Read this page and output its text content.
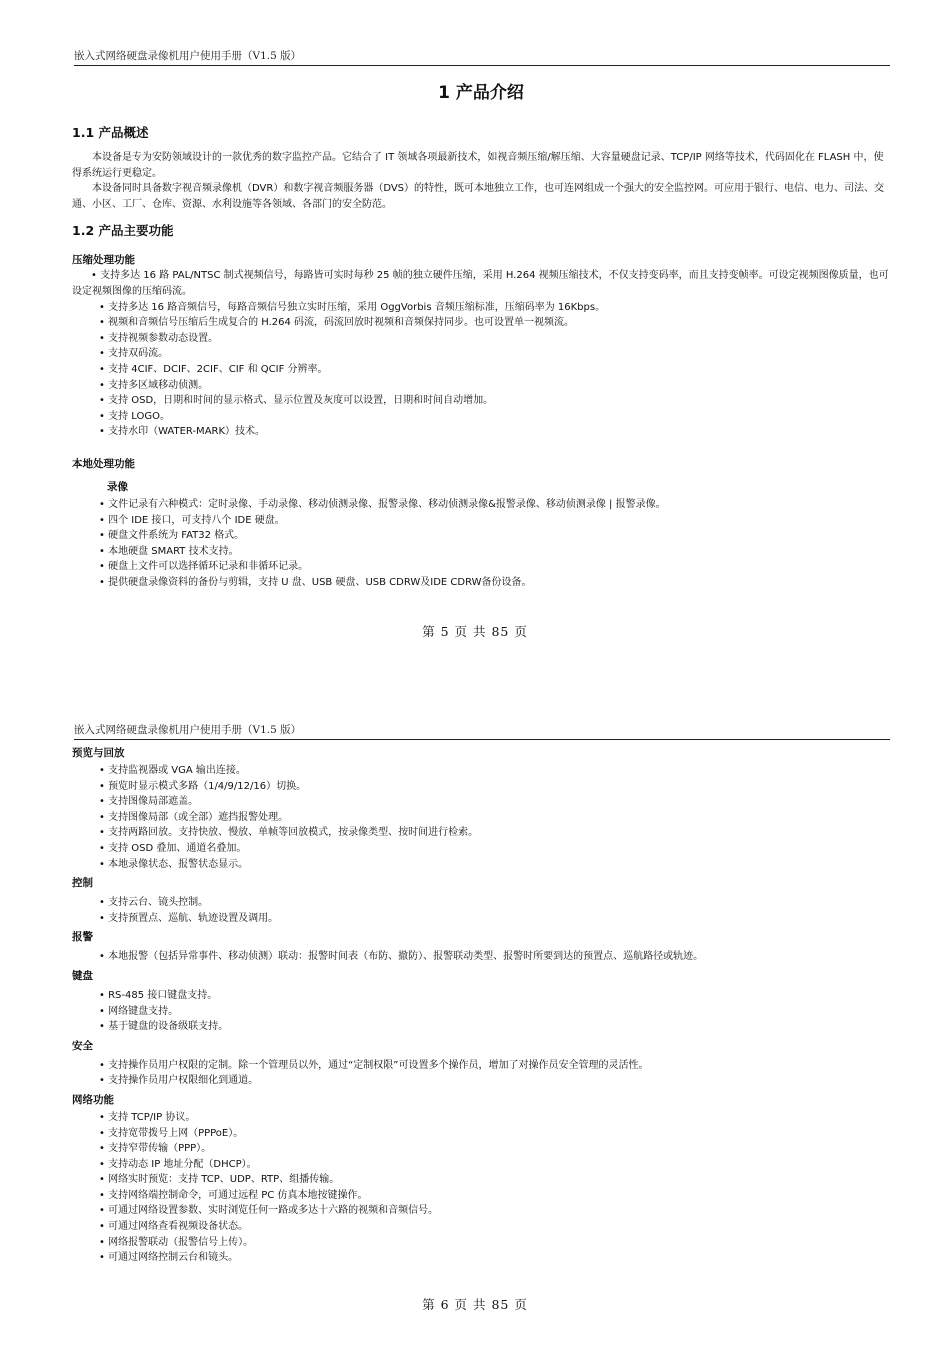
嵌入式网络硬盘录像机用户使用手册（V1.5 版）
1 产品介绍
1.1 产品概述

本设备是专为安防领域设计的一款优秀的数字监控产品。它结合了 IT 领域各项最新技术，如视音频压缩/解压缩、大容量硬盘记录、TCP/IP 网络等技术，代码固化在 FLASH 中，使得系统运行更稳定。

本设备同时具备数字视音频录像机（DVR）和数字视音频服务器（DVS）的特性，既可本地独立工作，也可连网组成一个强大的安全监控网。可应用于银行、电信、电力、司法、交通、小区、工厂、仓库、资源、水利设施等各领域、各部门的安全防范。

1.2 产品主要功能
压缩处理功能

• 支持多达 16 路 PAL/NTSC 制式视频信号，每路皆可实时每秒 25 帧的独立硬件压缩，采用 H.264 视频压缩技术，不仅支持变码率，而且支持变帧率。可设定视频图像质量，也可设定视频图像的压缩码流。

• 支持多达 16 路音频信号，每路音频信号独立实时压缩，采用 OggVorbis 音频压缩标准，压缩码率为 16Kbps。
• 视频和音频信号压缩后生成复合的 H.264 码流，码流回放时视频和音频保持同步。也可设置单一视频流。
• 支持视频参数动态设置。
• 支持双码流。
• 支持 4CIF、DCIF、2CIF、CIF 和 QCIF 分辨率。
• 支持多区域移动侦测。
• 支持 OSD，日期和时间的显示格式、显示位置及灰度可以设置，日期和时间自动增加。
• 支持 LOGO。
• 支持水印（WATER-MARK）技术。
本地处理功能
录像
• 文件记录有六种模式：定时录像、手动录像、移动侦测录像、报警录像、移动侦测录像&报警录像、移动侦测录像 | 报警录像。
• 四个 IDE 接口，可支持八个 IDE 硬盘。
• 硬盘文件系统为 FAT32 格式。
• 本地硬盘 SMART 技术支持。
• 硬盘上文件可以选择循环记录和非循环记录。
• 提供硬盘录像资料的备份与剪辑，支持 U 盘、USB 硬盘、USB CDRW及IDE CDRW备份设备。
第 5 页 共 85 页
嵌入式网络硬盘录像机用户使用手册（V1.5 版）
预览与回放
• 支持监视器或 VGA 输出连接。
• 预览时显示模式多路（1/4/9/12/16）切换。
• 支持图像局部遮盖。
• 支持图像局部（或全部）遮挡报警处理。
• 支持两路回放。支持快放、慢放、单帧等回放模式，按录像类型、按时间进行检索。
• 支持 OSD 叠加、通道名叠加。
• 本地录像状态、报警状态显示。
控制
• 支持云台、镜头控制。
• 支持预置点、巡航、轨迹设置及调用。
报警
• 本地报警（包括异常事件、移动侦测）联动：报警时间表（布防、撤防）、报警联动类型、报警时所要到达的预置点、巡航路径或轨迹。
键盘
• RS-485 接口键盘支持。
• 网络键盘支持。
• 基于键盘的设备级联支持。
安全
• 支持操作员用户权限的定制。除一个管理员以外，通过“定制权限”可设置多个操作员，增加了对操作员安全管理的灵活性。
• 支持操作员用户权限细化到通道。
网络功能
• 支持 TCP/IP 协议。
• 支持宽带拨号上网（PPPoE）。
• 支持窄带传输（PPP）。
• 支持动态 IP 地址分配（DHCP）。
• 网络实时预览：支持 TCP、UDP、RTP、组播传输。
• 支持网络端控制命令，可通过远程 PC 仿真本地按键操作。
• 可通过网络设置参数、实时浏览任何一路或多达十六路的视频和音频信号。
• 可通过网络查看视频设备状态。
• 网络报警联动（报警信号上传）。
• 可通过网络控制云台和镜头。
第 6 页 共 85 页
